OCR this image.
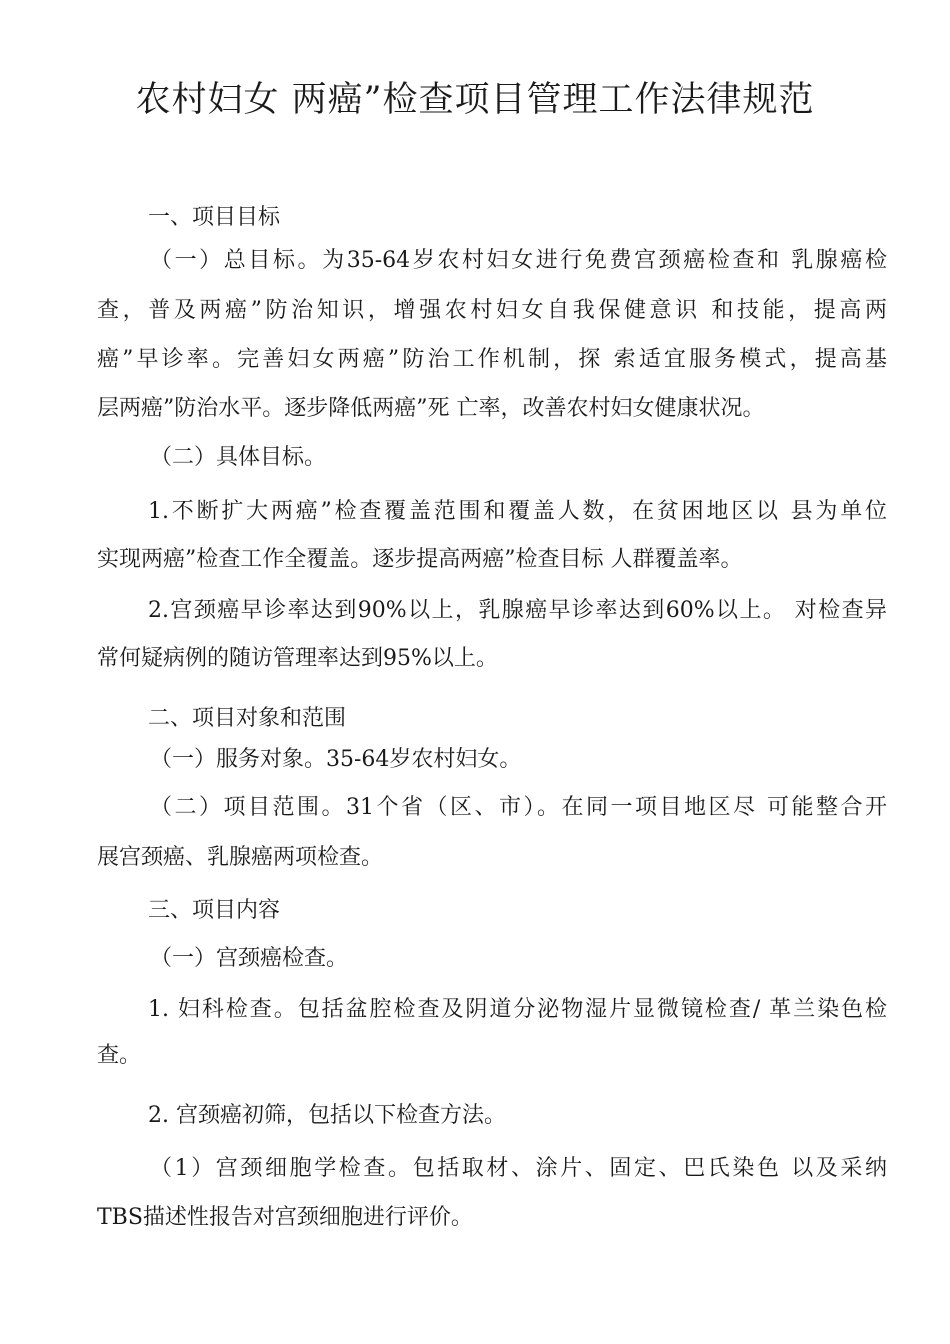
农村妇女 两癌”检查项目管理工作法律规范
一、项目目标
（一）总目标。为35-64岁农村妇女进行免费宫颈癌检查和 乳腺癌检
查，普及两癌”防治知识，增强农村妇女自我保健意识 和技能，提高两
癌”早诊率。完善妇女两癌”防治工作机制，探 索适宜服务模式，提高基
层两癌”防治水平。逐步降低两癌”死 亡率，改善农村妇女健康状况。
（二）具体目标。
1.不断扩大两癌”检查覆盖范围和覆盖人数，在贫困地区以 县为单位
实现两癌”检查工作全覆盖。逐步提高两癌”检查目标 人群覆盖率。
2.宫颈癌早诊率达到90%以上，乳腺癌早诊率达到60%以上。 对检查异
常何疑病例的随访管理率达到95%以上。
二、项目对象和范围
（一）服务对象。35-64岁农村妇女。
（二）项目范围。31个省（区、市）。在同一项目地区尽 可能整合开
展宫颈癌、乳腺癌两项检查。
三、项目内容
（一）宫颈癌检查。
1. 妇科检查。包括盆腔检查及阴道分泌物湿片显微镜检查/ 革兰染色检
查。
2. 宫颈癌初筛，包括以下检查方法。
（1）宫颈细胞学检查。包括取材、涂片、固定、巴氏染色 以及采纳
TBS描述性报告对宫颈细胞进行评价。
